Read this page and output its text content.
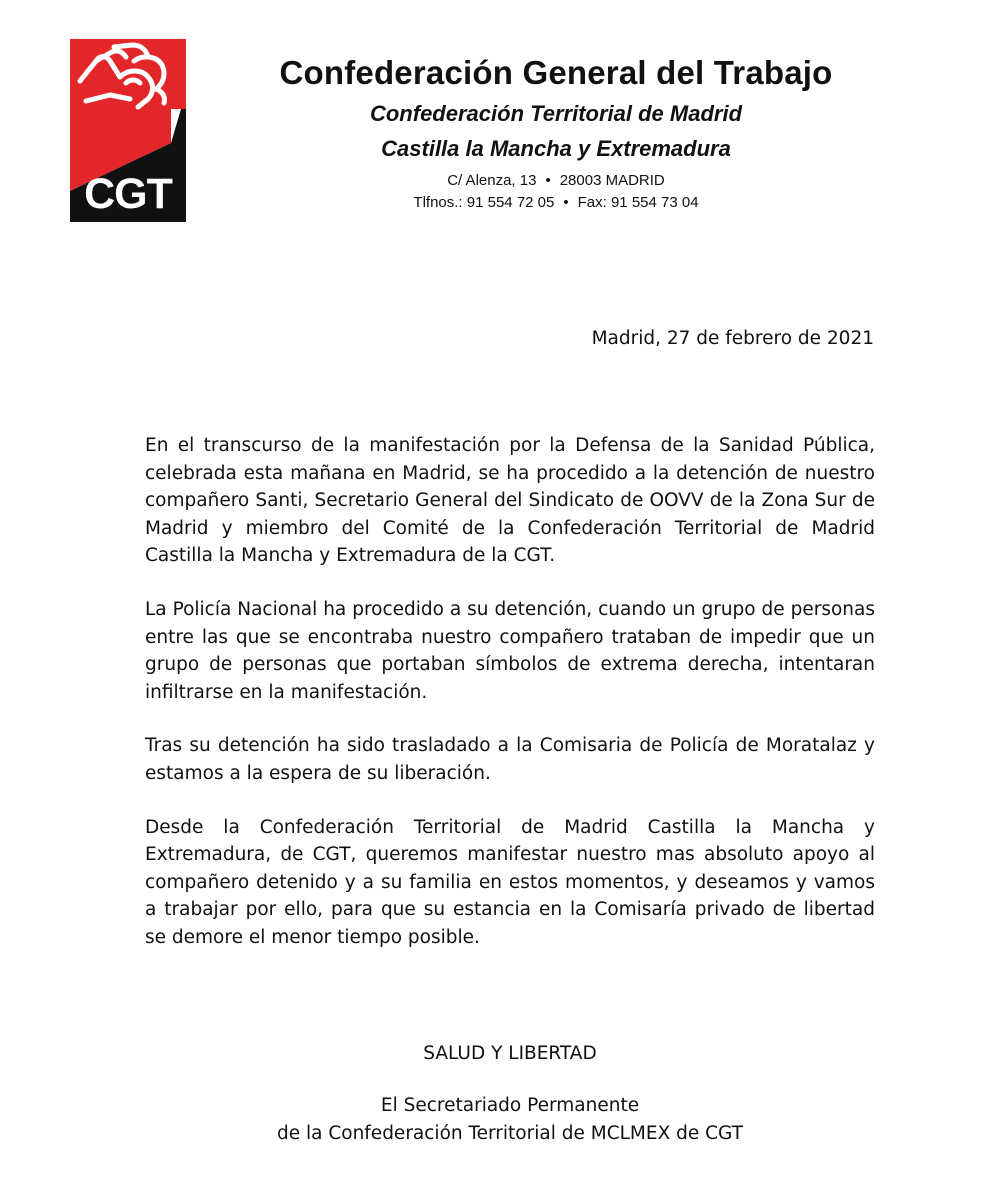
CGT

Confederación General del Trabajo

Confederación Territorial de Madrid

Castilla la Mancha y Extremadura

C/ Alenza, 13 • 28003 MADRID

Tlfnos.: 91 554 72 05 • Fax: 91 554 73 04

Madrid, 27 de febrero de 2021

En el transcurso de la manifestación por la Defensa de la Sanidad Pública, celebrada esta mañana en Madrid, se ha procedido a la detención de nuestro compañero Santi, Secretario General del Sindicato de OOVV de la Zona Sur de Madrid y miembro del Comité de la Confederación Territorial de Madrid Castilla la Mancha y Extremadura de la CGT.

La Policía Nacional ha procedido a su detención, cuando un grupo de personas entre las que se encontraba nuestro compañero trataban de impedir que un grupo de personas que portaban símbolos de extrema derecha, intentaran infiltrarse en la manifestación.

Tras su detención ha sido trasladado a la Comisaria de Policía de Moratalaz y estamos a la espera de su liberación.

Desde la Confederación Territorial de Madrid Castilla la Mancha y Extremadura, de CGT, queremos manifestar nuestro mas absoluto apoyo al compañero detenido y a su familia en estos momentos, y deseamos y vamos a trabajar por ello, para que su estancia en la Comisaría privado de libertad se demore el menor tiempo posible.

SALUD Y LIBERTAD

El Secretariado Permanente

de la Confederación Territorial de MCLMEX de CGT
